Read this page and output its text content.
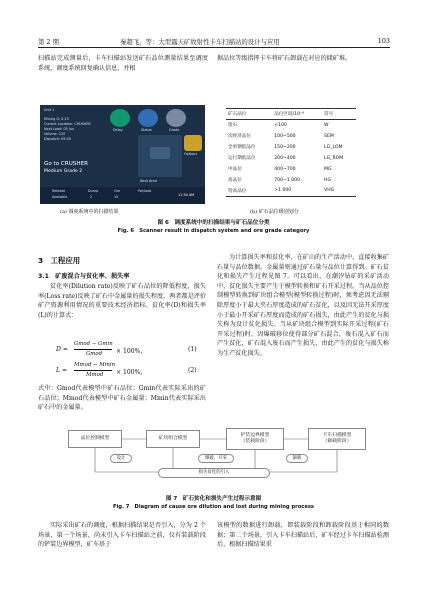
第 2 期	秦超飞，等：大型露天矿故射性卡车扫描站的设计与应用	103
扫描站完成测量后，卡车扫描站发送矿石品位测量结果至调度系统，调度系统回复确认信息，并根
据品位等级指挥卡车将矿石卸载在对应的储矿堆。
Unit 1
Mining G: 0.25
Current Location: CRUSHER
Next Load: 05 Jun
Volume: 120
Dispatch: 09:00
Go to CRUSHER
Medium Grade 2
Delay	Status	Grade
Options
Next Area
Release
Available
Dump
2
Ore
15
Payload
11:34 AM
矿石品位	品位区间/10⁻⁶	符号
废石	<100	W
次经济品位	100~500	SEM
全单钢低品位	150~200	LG_LOM
运行期低品位	200~400	LG_ROM
中品位	400~700	MG
高品位	700~1 000	HG
特高品位	>1 000	VHG
(a) 调度系统中的扫描结果	(b) 矿石品位级别划分
图 6　调度系统中的扫描结果与矿石品位分类
Fig. 6　Scanner result in dispatch system and ore grade category
3　工程应用
3.1　矿废混合与贫化率、损失率
贫化率(Dilution rate)反映了矿石品位的降低程度，损失率(Loss rate)反映了矿石中金属量的损失程度，两者都是评价矿产资源利用情况的重要技术经济指标。贫化率(D)和损失率(L)的计算式：
D =
Gmod − Gmin
Gmod × 100%，	(1)
L =
Mmod − Mmin
Mmod × 100%，	(2)
式中：Gmod代表模型中矿石品位；Gmin代表实际采出的矿石品位；Mmod代表模型中矿石金属量；Mmin代表实际采出矿石中的金属量。
为计算损失率和贫化率，在矿山的生产活动中，直接收集矿石量与品位数据。金属量则通过矿石量与品位计算得到。矿石贫化和损失产生过程见图 7。可以看出，在潮汐钻矿的采矿活动中，贫化损失主要产生于模型转换和矿石开采过程。当从品位控制模型转换到矿块组合模型(模型转换过程)时，须考虑因无法剔除厚度小于最大夹石厚度造成的矿石贫化，以及因无法开采厚度小于最小开采矿石厚度而造成的矿石损失，由此产生的贫化与损失称为设计贫化损失。当从矿块组合模型到实际开采过程(矿石开采过程)时，因爆破移位使得部分矿石混合，废石混入矿石而产生贫化，矿石混入废石而产生损失，由此产生的贫化与损失称为生产贫化损失。
品位控制模型	矿块组合模型
铲装边界模型
（装载阶段）
卡车扫描模型
（卸载阶段）
设计	爆破、开采	卸载
损失贫化的引入
图 7　矿石贫化和损失产生过程示意图
Fig. 7　Diagram of cause ore dilution and lost during mining process
实际采出矿石的调度，根据扫描结果是否引入，分为 2 个场景，第一个场景，尚未引入卡车扫描站之前，仅有装载阶段的铲装边界模型，矿车基于
该模型的数据进行卸载，即装载阶段和卸载阶段基于相同的数据；第二个场景，引入卡车扫描站后，矿车经过卡车扫描站检测后，根据扫描结果重
